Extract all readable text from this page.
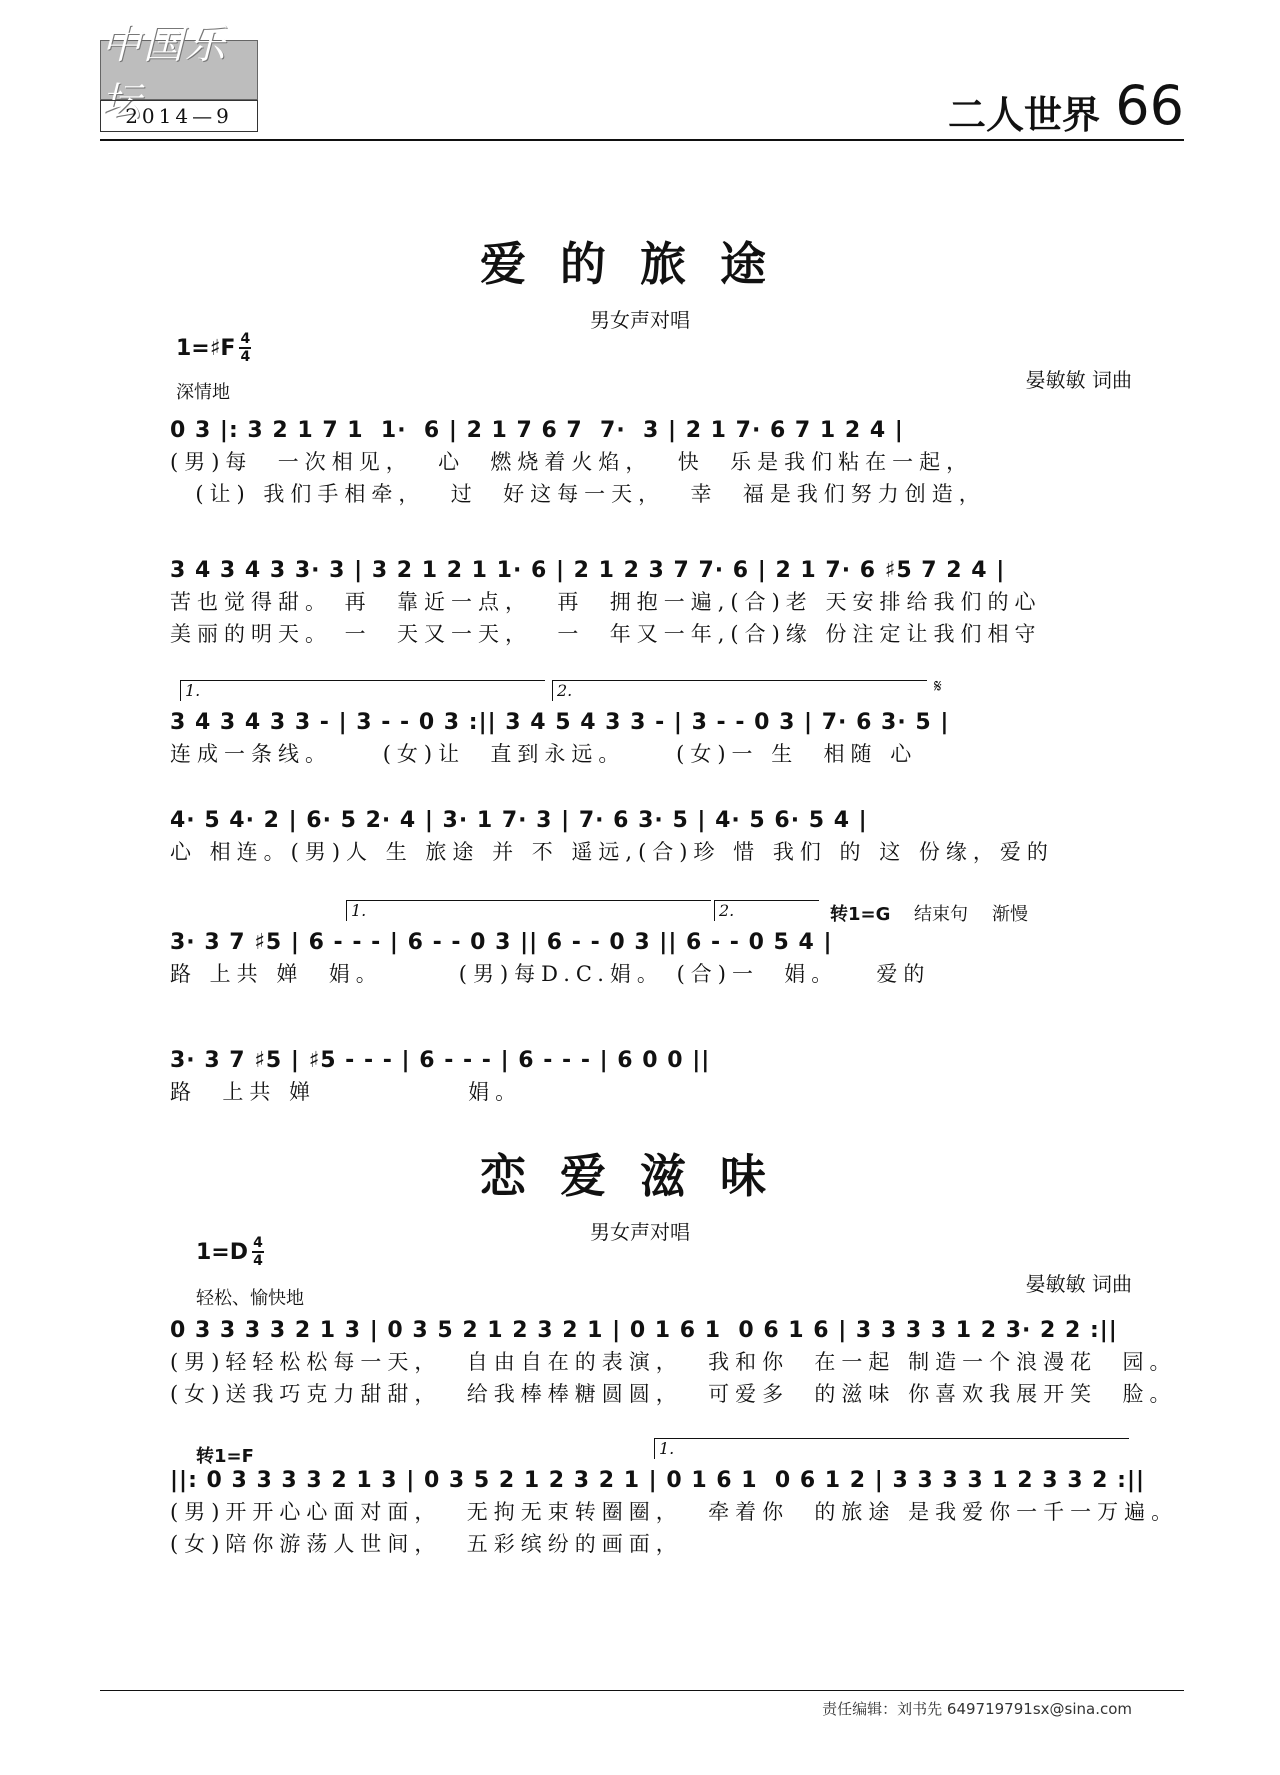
中国乐坛
2014—9	二人世界 66
爱的旅途
男女声对唱
1=♯F $\frac{4}{4}$
深情地
晏敏敏 词曲
0 3 |: 3 2 1 7 1  1·  6 | 2 1 7 6 7  7·  3 | 2 1 7· 6 7 1 2 4 |
(男)每  一次相见，  心  燃烧着火焰，  快  乐是我们粘在一起，
(让) 我们手相牵，  过  好这每一天，  幸  福是我们努力创造，
3 4 3 4 3 3· 3 | 3 2 1 2 1 1· 6 | 2 1 2 3 7 7· 6 | 2 1 7· 6 ♯5 7 2 4 |
苦也觉得甜。 再  靠近一点，  再  拥抱一遍,(合)老 天安排给我们的心
美丽的明天。 一  天又一天，  一  年又一年,(合)缘 份注定让我们相守
1.	2.	𝄋
3 4 3 4 3 3 - | 3 - - 0 3 :|| 3 4 5 4 3 3 - | 3 - - 0 3 | 7· 6 3· 5 |
连成一条线。    (女)让  直到永远。    (女)一 生  相随 心
4· 5 4· 2 | 6· 5 2· 4 | 3· 1 7· 3 | 7· 6 3· 5 | 4· 5 6· 5 4 |
心 相连。(男)人 生 旅途 并 不 遥远,(合)珍 惜 我们 的 这 份缘，爱的
1.	2.	转1=G 结束句 渐慢
3· 3 7 ♯5 | 6 - - - | 6 - - 0 3 || 6 - - 0 3 || 6 - - 0 5 4 |
路 上共 婵  娟。      (男)每D.C.娟。 (合)一  娟。   爱的
3· 3 7 ♯5 | ♯5 - - - | 6 - - - | 6 - - - | 6 0 0 ||
路  上共 婵            娟。
恋爱滋味
男女声对唱
$1=D \frac{4}{4}$
轻松、愉快地
晏敏敏 词曲
0 3 3 3 3 2 1 3 | 0 3 5 2 1 2 3 2 1 | 0 1 6 1  0 6 1 6 | 3 3 3 3 1 2 3· 2 2 :||
(男)轻轻松松每一天，  自由自在的表演，  我和你  在一起 制造一个浪漫花  园。
(女)送我巧克力甜甜，  给我棒棒糖圆圆，  可爱多  的滋味 你喜欢我展开笑  脸。
转1=F	1.
||: 0 3 3 3 3 2 1 3 | 0 3 5 2 1 2 3 2 1 | 0 1 6 1  0 6 1 2 | 3 3 3 3 1 2 3 3 2 :||
(男)开开心心面对面，  无拘无束转圈圈，  牵着你  的旅途 是我爱你一千一万遍。
(女)陪你游荡人世间，  五彩缤纷的画面，
责任编辑：刘书先 649719791sx@sina.com
